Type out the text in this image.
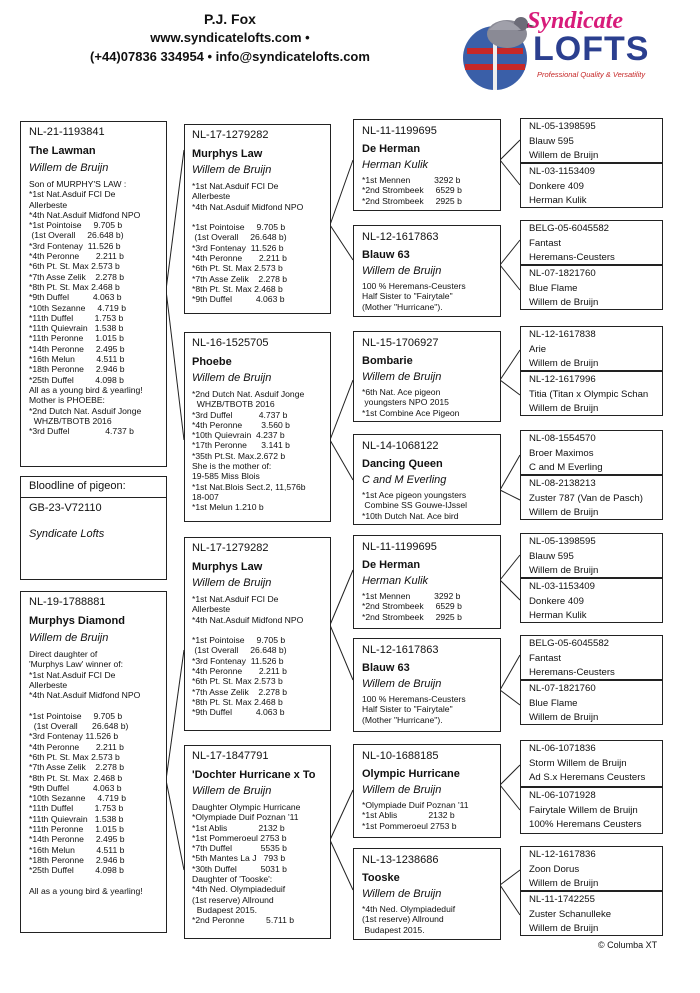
P.J. Fox
www.syndicatelofts.com •
(+44)07836 334954 • info@syndicatelofts.com
Syndicate
LOFTS
Professional Quality & Versatility
NL-21-1193841
The Lawman
Willem de Bruijn
Son of MURPHY'S LAW :
*1st Nat.Asduif FCI De
Allerbeste
*4th Nat.Asduif Midfond NPO
*1st Pointoise     9.705 b
(1st Overall     26.648 b)
*3rd Fontenay  11.526 b
*4th Peronne       2.211 b
*6th Pt. St. Max 2.573 b
*7th Asse Zelik    2.278 b
*8th Pt. St. Max 2.468 b
*9th Duffel          4.063 b
*10th Sezanne     4.719 b
*11th Duffel         1.753 b
*11th Quievrain   1.538 b
*11th Peronne     1.015 b
*14th Peronne     2.495 b
*16th Melun         4.511 b
*18th Peronne     2.946 b
*25th Duffel         4.098 b
All as a young bird & yearling!
Mother is PHOEBE:
*2nd Dutch Nat. Asduif Jonge
WHZB/TBOTB 2016
*3rd Duffel               4.737 b
Bloodline of pigeon:
GB-23-V72110
Syndicate Lofts
NL-19-1788881
Murphys Diamond
Willem de Bruijn
Direct daughter of
'Murphys Law' winner of:
*1st Nat.Asduif FCI De
Allerbeste
*4th Nat.Asduif Midfond NPO

*1st Pointoise     9.705 b
(1st Overall      26.648 b)
*3rd Fontenay 11.526 b
*4th Peronne       2.211 b
*6th Pt. St. Max 2.573 b
*7th Asse Zelik    2.278 b
*8th Pt. St. Max  2.468 b
*9th Duffel          4.063 b
*10th Sezanne     4.719 b
*11th Duffel         1.753 b
*11th Quievrain   1.538 b
*11th Peronne     1.015 b
*14th Peronne     2.495 b
*16th Melun         4.511 b
*18th Peronne     2.946 b
*25th Duffel         4.098 b

All as a young bird & yearling!
NL-17-1279282
Murphys Law
Willem de Bruijn
*1st Nat.Asduif FCI De
Allerbeste
*4th Nat.Asduif Midfond NPO

*1st Pointoise     9.705 b
(1st Overall     26.648 b)
*3rd Fontenay  11.526 b
*4th Peronne       2.211 b
*6th Pt. St. Max 2.573 b
*7th Asse Zelik    2.278 b
*8th Pt. St. Max 2.468 b
*9th Duffel          4.063 b
NL-16-1525705
Phoebe
Willem de Bruijn
*2nd Dutch Nat. Asduif Jonge
WHZB/TBOTB 2016
*3rd Duffel           4.737 b
*4th Peronne        3.560 b
*10th Quievrain  4.237 b
*17th Peronne      3.141 b
*35th Pt.St. Max.2.672 b
She is the mother of:
19-585 Miss Blois
*1st Nat.Blois Sect.2, 11,576b
18-007
*1st Melun 1.210 b
NL-17-1279282
Murphys Law
Willem de Bruijn
*1st Nat.Asduif FCI De
Allerbeste
*4th Nat.Asduif Midfond NPO

*1st Pointoise     9.705 b
(1st Overall     26.648 b)
*3rd Fontenay  11.526 b
*4th Peronne       2.211 b
*6th Pt. St. Max 2.573 b
*7th Asse Zelik    2.278 b
*8th Pt. St. Max 2.468 b
*9th Duffel          4.063 b
NL-17-1847791
'Dochter Hurricane x To
Willem de Bruijn
Daughter Olympic Hurricane
*Olympiade Duif Poznan '11
*1st Ablis             2132 b
*1st Pommeroeul 2753 b
*7th Duffel            5535 b
*5th Mantes La J   793 b
*30th Duffel          5031 b
Daughter of 'Tooske':
*4th Ned. Olympiadeduif
(1st reserve) Allround
Budapest 2015.
*2nd Peronne         5.711 b
NL-11-1199695
De Herman
Herman Kulik
*1st Mennen          3292 b
*2nd Strombeek     6529 b
*2nd Strombeek     2925 b
NL-12-1617863
Blauw 63
Willem de Bruijn
100 % Heremans-Ceusters
Half Sister to "Fairytale"
(Mother "Hurricane").
NL-15-1706927
Bombarie
Willem de Bruijn
*6th Nat. Ace pigeon
youngsters NPO 2015
*1st Combine Ace Pigeon
NL-14-1068122
Dancing Queen
C and M Everling
*1st Ace pigeon youngsters
Combine SS Gouwe-IJssel
*10th Dutch Nat. Ace bird
NL-11-1199695
De Herman
Herman Kulik
*1st Mennen          3292 b
*2nd Strombeek     6529 b
*2nd Strombeek     2925 b
NL-12-1617863
Blauw 63
Willem de Bruijn
100 % Heremans-Ceusters
Half Sister to "Fairytale"
(Mother "Hurricane").
NL-10-1688185
Olympic Hurricane
Willem de Bruijn
*Olympiade Duif Poznan '11
*1st Ablis             2132 b
*1st Pommeroeul 2753 b
NL-13-1238686
Tooske
Willem de Bruijn
*4th Ned. Olympiadeduif
(1st reserve) Allround
Budapest 2015.
NL-05-1398595
Blauw 595
Willem de Bruijn
NL-03-1153409
Donkere 409
Herman Kulik
BELG-05-6045582
Fantast
Heremans-Ceusters
NL-07-1821760
Blue Flame
Willem de Bruijn
NL-12-1617838
Arie
Willem de Bruijn
NL-12-1617996
Titia (Titan x Olympic Schan
Willem de Bruijn
NL-08-1554570
Broer Maximos
C and M Everling
NL-08-2138213
Zuster 787 (Van de Pasch)
Willem de Bruijn
NL-05-1398595
Blauw 595
Willem de Bruijn
NL-03-1153409
Donkere 409
Herman Kulik
BELG-05-6045582
Fantast
Heremans-Ceusters
NL-07-1821760
Blue Flame
Willem de Bruijn
NL-06-1071836
Storm Willem de Bruijn
Ad S.x Heremans Ceusters
NL-06-1071928
Fairytale Willem de Bruijn
100% Heremans Ceusters
NL-12-1617836
Zoon Dorus
Willem de Bruijn
NL-11-1742255
Zuster Schanulleke
Willem de Bruijn
© Columba XT
